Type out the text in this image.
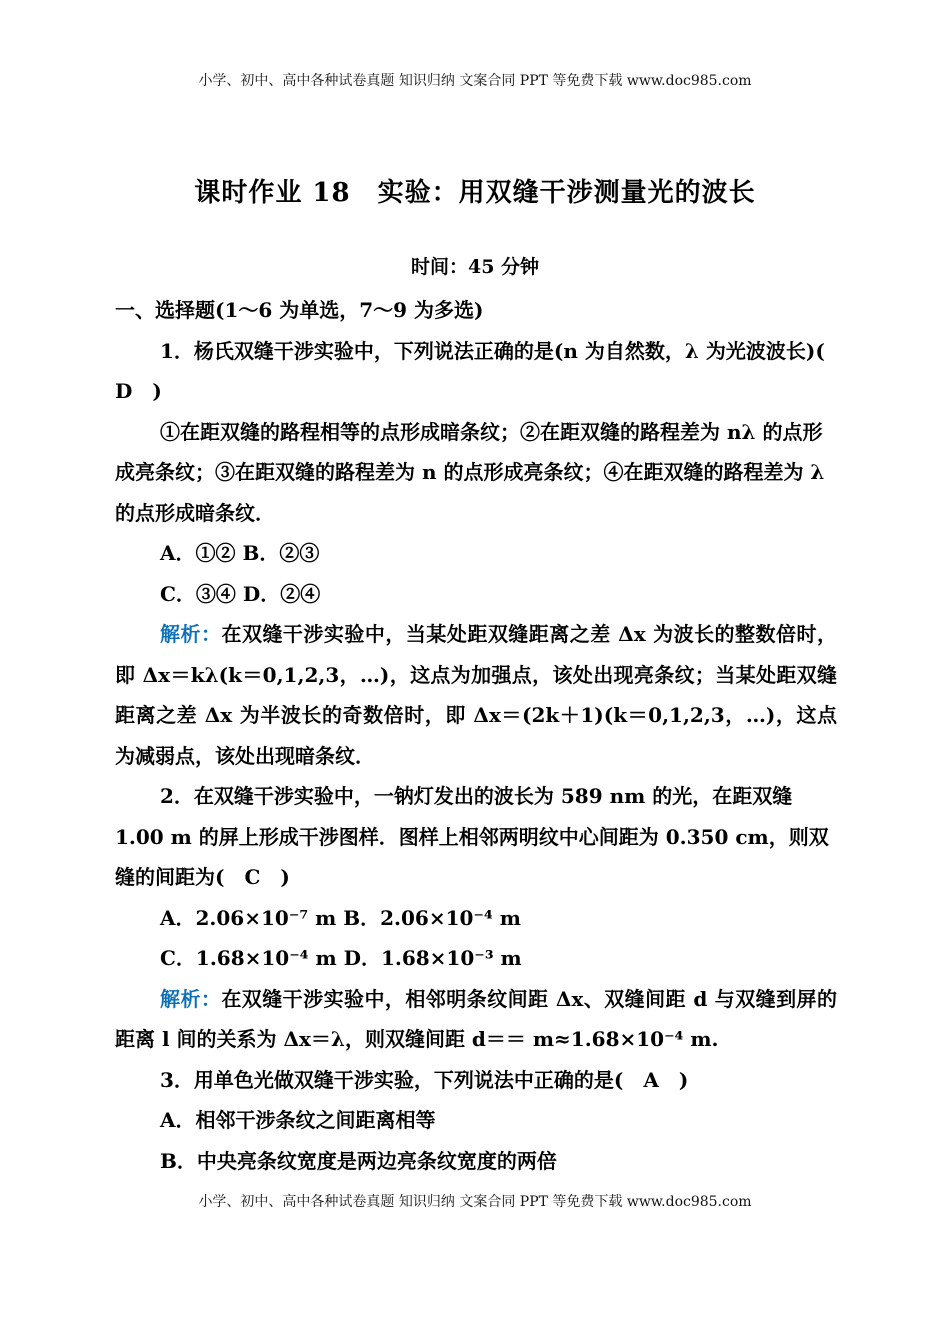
小学、初中、高中各种试卷真题 知识归纳 文案合同 PPT 等免费下载 www.doc985.com
课时作业 18　实验：用双缝干涉测量光的波长
时间：45 分钟

一、选择题(1～6 为单选，7～9 为多选)

1．杨氏双缝干涉实验中，下列说法正确的是(n 为自然数，λ 为光波波长)(　D　)

①在距双缝的路程相等的点形成暗条纹；②在距双缝的路程差为 nλ 的点形成亮条纹；③在距双缝的路程差为 n 的点形成亮条纹；④在距双缝的路程差为 λ 的点形成暗条纹．

A．①② B．②③

C．③④ D．②④

解析：在双缝干涉实验中，当某处距双缝距离之差 Δx 为波长的整数倍时，即 Δx＝kλ(k＝0,1,2,3，…)，这点为加强点，该处出现亮条纹；当某处距双缝距离之差 Δx 为半波长的奇数倍时，即 Δx＝(2k＋1)(k＝0,1,2,3，…)，这点为减弱点，该处出现暗条纹．

2．在双缝干涉实验中，一钠灯发出的波长为 589 nm 的光，在距双缝 1.00 m 的屏上形成干涉图样．图样上相邻两明纹中心间距为 0.350 cm，则双缝的间距为(　C　)

A．2.06×10⁻⁷ m B．2.06×10⁻⁴ m

C．1.68×10⁻⁴ m D．1.68×10⁻³ m

解析：在双缝干涉实验中，相邻明条纹间距 Δx、双缝间距 d 与双缝到屏的距离 l 间的关系为 Δx＝λ，则双缝间距 d＝＝ m≈1.68×10⁻⁴ m.

3．用单色光做双缝干涉实验，下列说法中正确的是(　A　)

A．相邻干涉条纹之间距离相等

B．中央亮条纹宽度是两边亮条纹宽度的两倍

小学、初中、高中各种试卷真题 知识归纳 文案合同 PPT 等免费下载 www.doc985.com
